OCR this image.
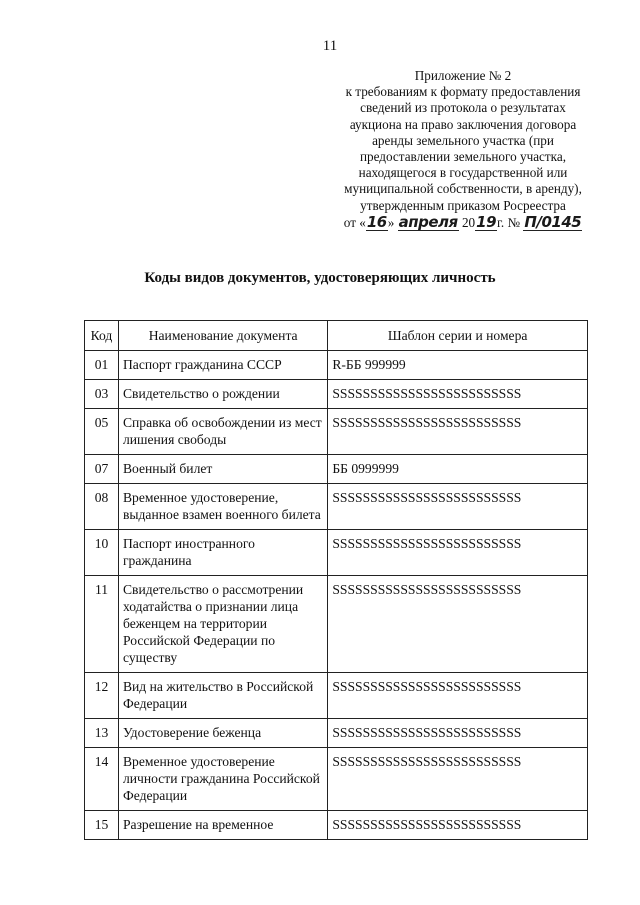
11
Приложение № 2
к требованиям к формату предоставления
сведений из протокола о результатах
аукциона на право заключения договора
аренды земельного участка (при
предоставлении земельного участка,
находящегося в государственной или
муниципальной собственности, в аренду),
утвержденным приказом Росреестра
от «16» апреля 2019г. № П/0145
Коды видов документов, удостоверяющих личность
Код	Наименование документа	Шаблон серии и номера
01	Паспорт гражданина СССР	R-ББ 999999
03	Свидетельство о рождении	SSSSSSSSSSSSSSSSSSSSSSSSS
05	Справка об освобождении из мест лишения свободы	SSSSSSSSSSSSSSSSSSSSSSSSS
07	Военный билет	ББ 0999999
08	Временное удостоверение, выданное взамен военного билета	SSSSSSSSSSSSSSSSSSSSSSSSS
10	Паспорт иностранного гражданина	SSSSSSSSSSSSSSSSSSSSSSSSS
11	Свидетельство о рассмотрении ходатайства о признании лица беженцем на территории Российской Федерации по существу	SSSSSSSSSSSSSSSSSSSSSSSSS
12	Вид на жительство в Российской Федерации	SSSSSSSSSSSSSSSSSSSSSSSSS
13	Удостоверение беженца	SSSSSSSSSSSSSSSSSSSSSSSSS
14	Временное удостоверение личности гражданина Российской Федерации	SSSSSSSSSSSSSSSSSSSSSSSSS
15	Разрешение на временное	SSSSSSSSSSSSSSSSSSSSSSSSS
